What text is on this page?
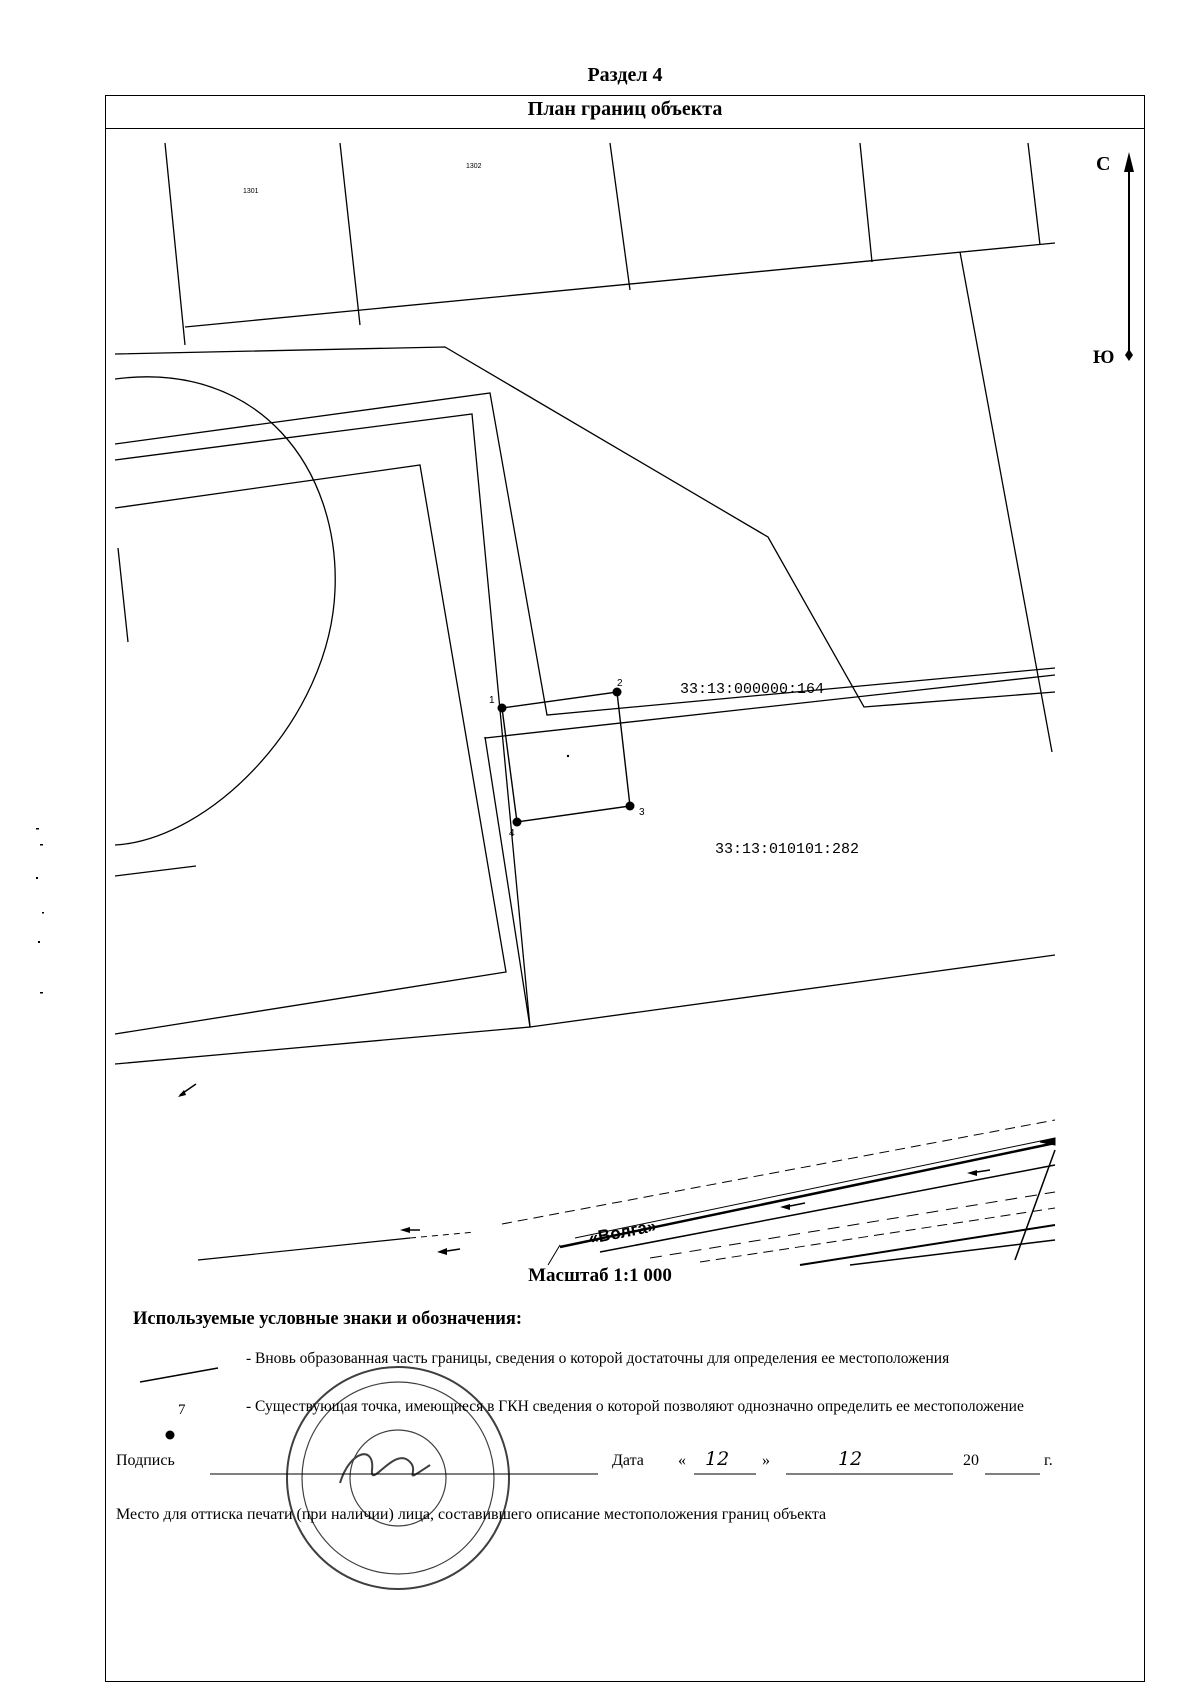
Раздел 4
План границ объекта
1
2
3
4
33:13:000000:164
33:13:010101:282
1301
1302	С
Ю
«Волга»
Масштаб 1:1 000
Используемые условные знаки и обозначения:
- Вновь образованная часть границы, сведения о которой достаточны для определения ее местоположения
7	- Существующая точка, имеющиеся в ГКН сведения о которой позволяют однозначно определить ее местоположение
Подпись	Дата « 12 »	12	20	г.
Место для оттиска печати (при наличии) лица, составившего описание местоположения границ объекта
